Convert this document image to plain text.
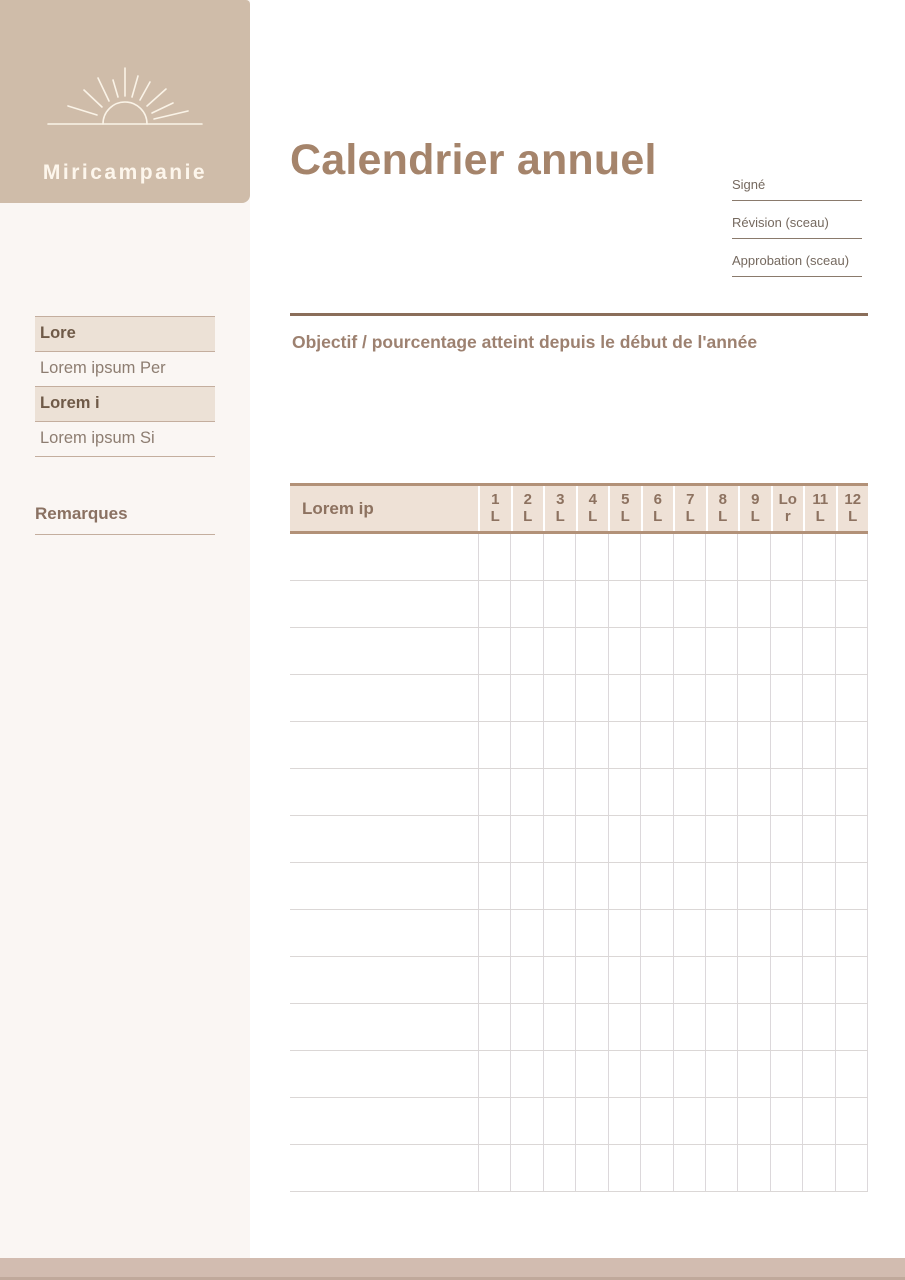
Miricampanie Calendrier annuel
Signé
Révision (sceau)
Approbation (sceau)
Lore
Lorem ipsum Per
Lorem i
Lorem ipsum Si
Remarques
Objectif / pourcentage atteint depuis le début de l'année
Lorem ip	1 L
2 L
3 L
4 L
5 L
6 L
7 L
8 L
9 L
Lor
11 L
12 L
